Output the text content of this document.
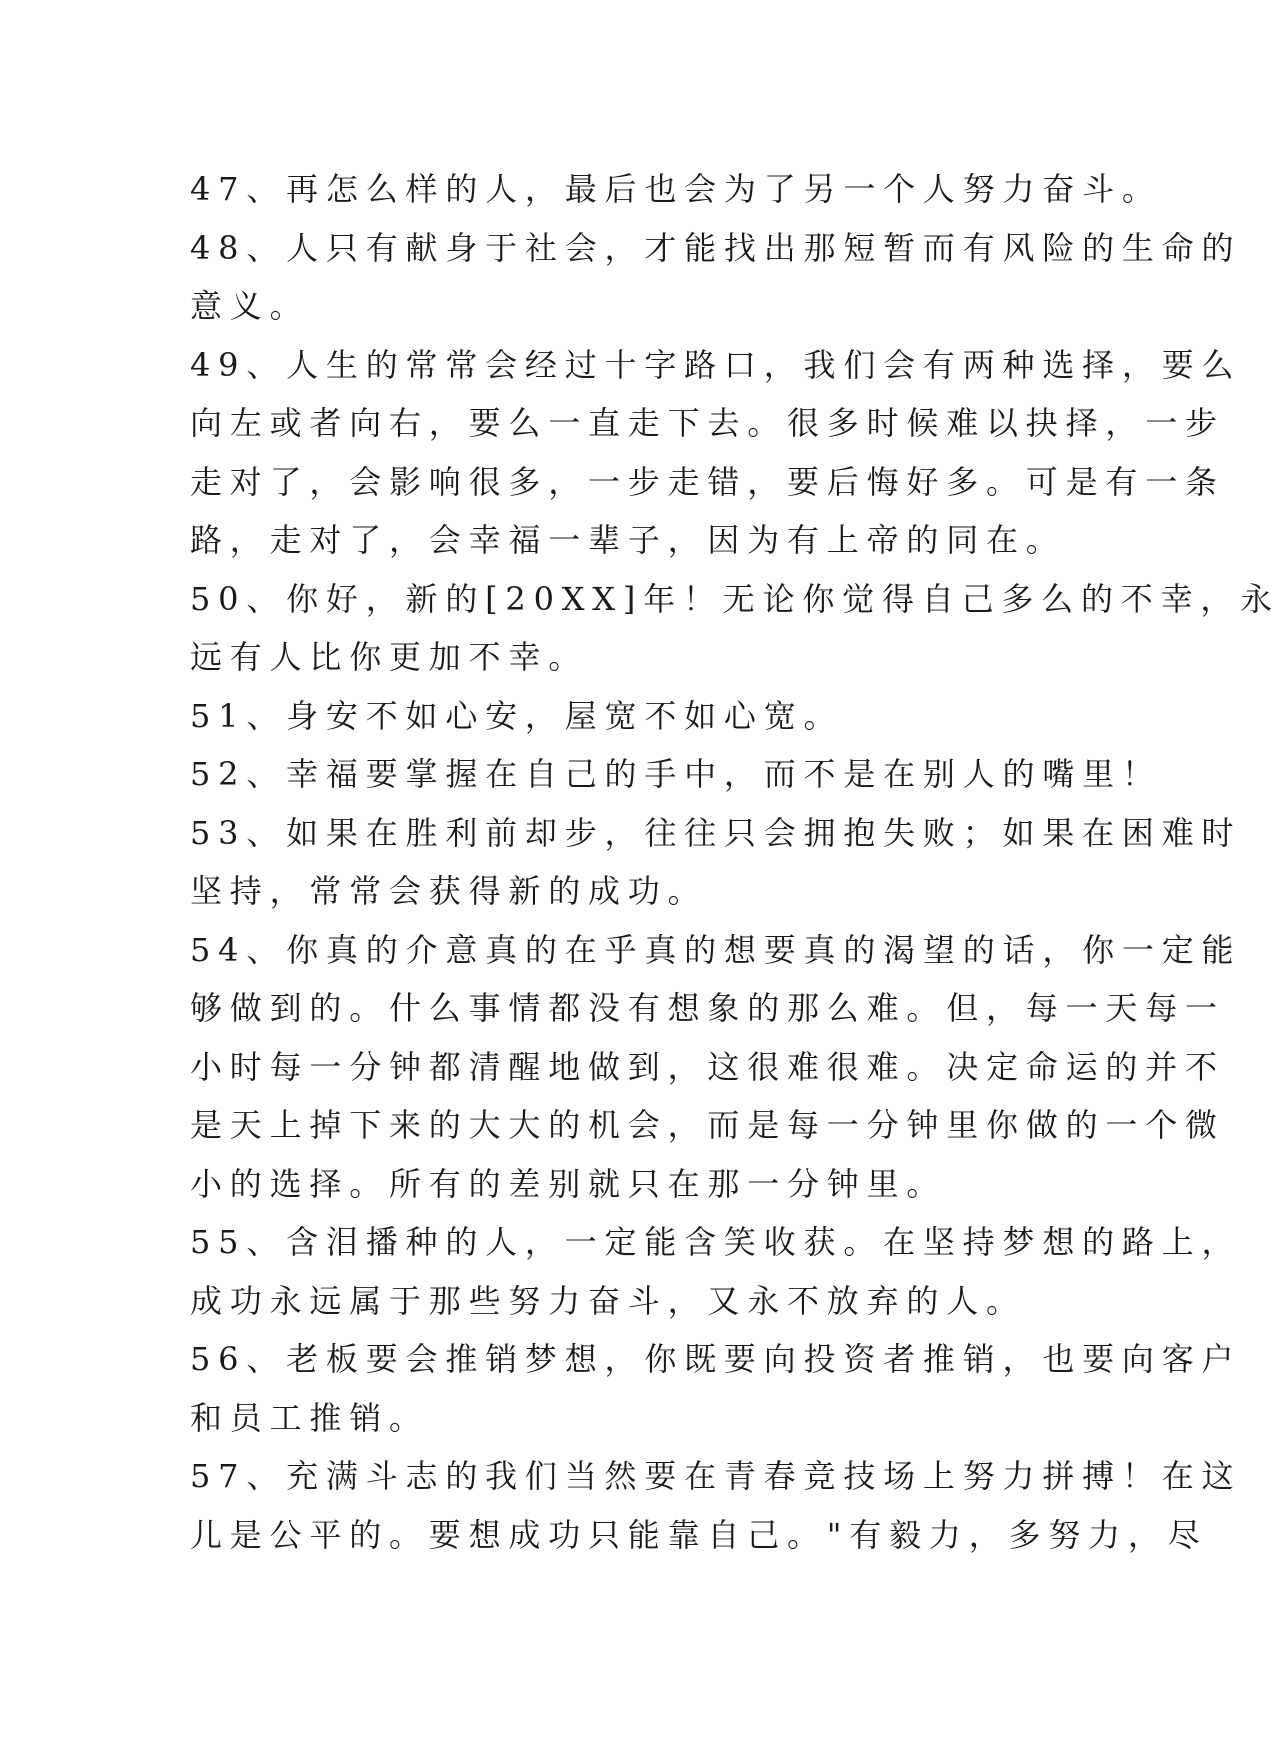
47、再怎么样的人，最后也会为了另一个人努力奋斗。
48、人只有献身于社会，才能找出那短暂而有风险的生命的
意义。
49、人生的常常会经过十字路口，我们会有两种选择，要么
向左或者向右，要么一直走下去。很多时候难以抉择，一步
走对了，会影响很多，一步走错，要后悔好多。可是有一条
路，走对了，会幸福一辈子，因为有上帝的同在。
50、你好，新的[20XX]年！无论你觉得自己多么的不幸，永
远有人比你更加不幸。
51、身安不如心安，屋宽不如心宽。
52、幸福要掌握在自己的手中，而不是在别人的嘴里！
53、如果在胜利前却步，往往只会拥抱失败；如果在困难时
坚持，常常会获得新的成功。
54、你真的介意真的在乎真的想要真的渴望的话，你一定能
够做到的。什么事情都没有想象的那么难。但，每一天每一
小时每一分钟都清醒地做到，这很难很难。决定命运的并不
是天上掉下来的大大的机会，而是每一分钟里你做的一个微
小的选择。所有的差别就只在那一分钟里。
55、含泪播种的人，一定能含笑收获。在坚持梦想的路上，
成功永远属于那些努力奋斗，又永不放弃的人。
56、老板要会推销梦想，你既要向投资者推销，也要向客户
和员工推销。
57、充满斗志的我们当然要在青春竞技场上努力拼搏！在这
儿是公平的。要想成功只能靠自己。"有毅力，多努力，尽
